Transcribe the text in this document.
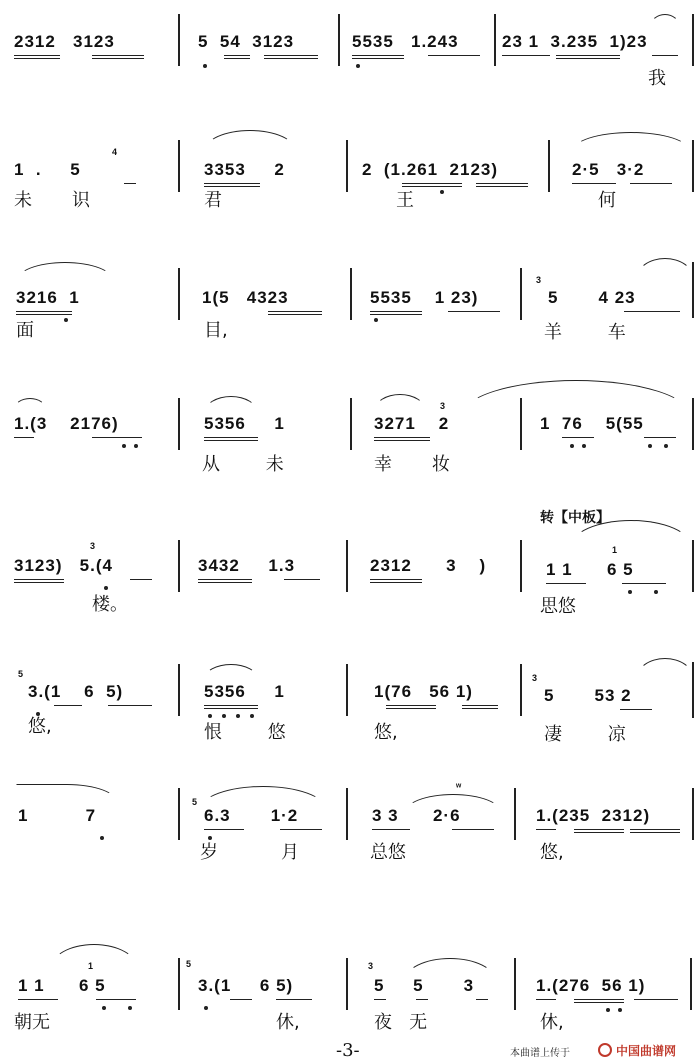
2312   3123	5  54  3123	5535   1.243	23 1  3.235  1)23
我
1  .     5
4
未       识
3353     2
君
2  (1.261  2123)
王
2·5   3·2
何
3216  1
面
1(5   4323
目,
5535    1 23)
3
5       4 23
羊        车
1.(3    2176)	5356     1
从        未
3271    2
3
幸       妆
1  76    5(55
转【中板】
3123)   5.(4
3
楼。
3432     1.3	2312      3    )	1 1      6 5
1
思悠
5
3.(1    6  5)
悠,
5356     1
恨        悠
1(76   56 1)
悠,
3
5       53 2
凄        凉
1          7
5
6.3       1·2
岁           月
ʷ
3 3      2·6
总悠
1.(235  2312)
悠,
1
1 1      6 5
朝无
5
3.(1     6 5)
休,
3
5     5       3
夜   无
1.(276  56 1)
休,
-3-	本曲谱上传于	中国曲谱网
